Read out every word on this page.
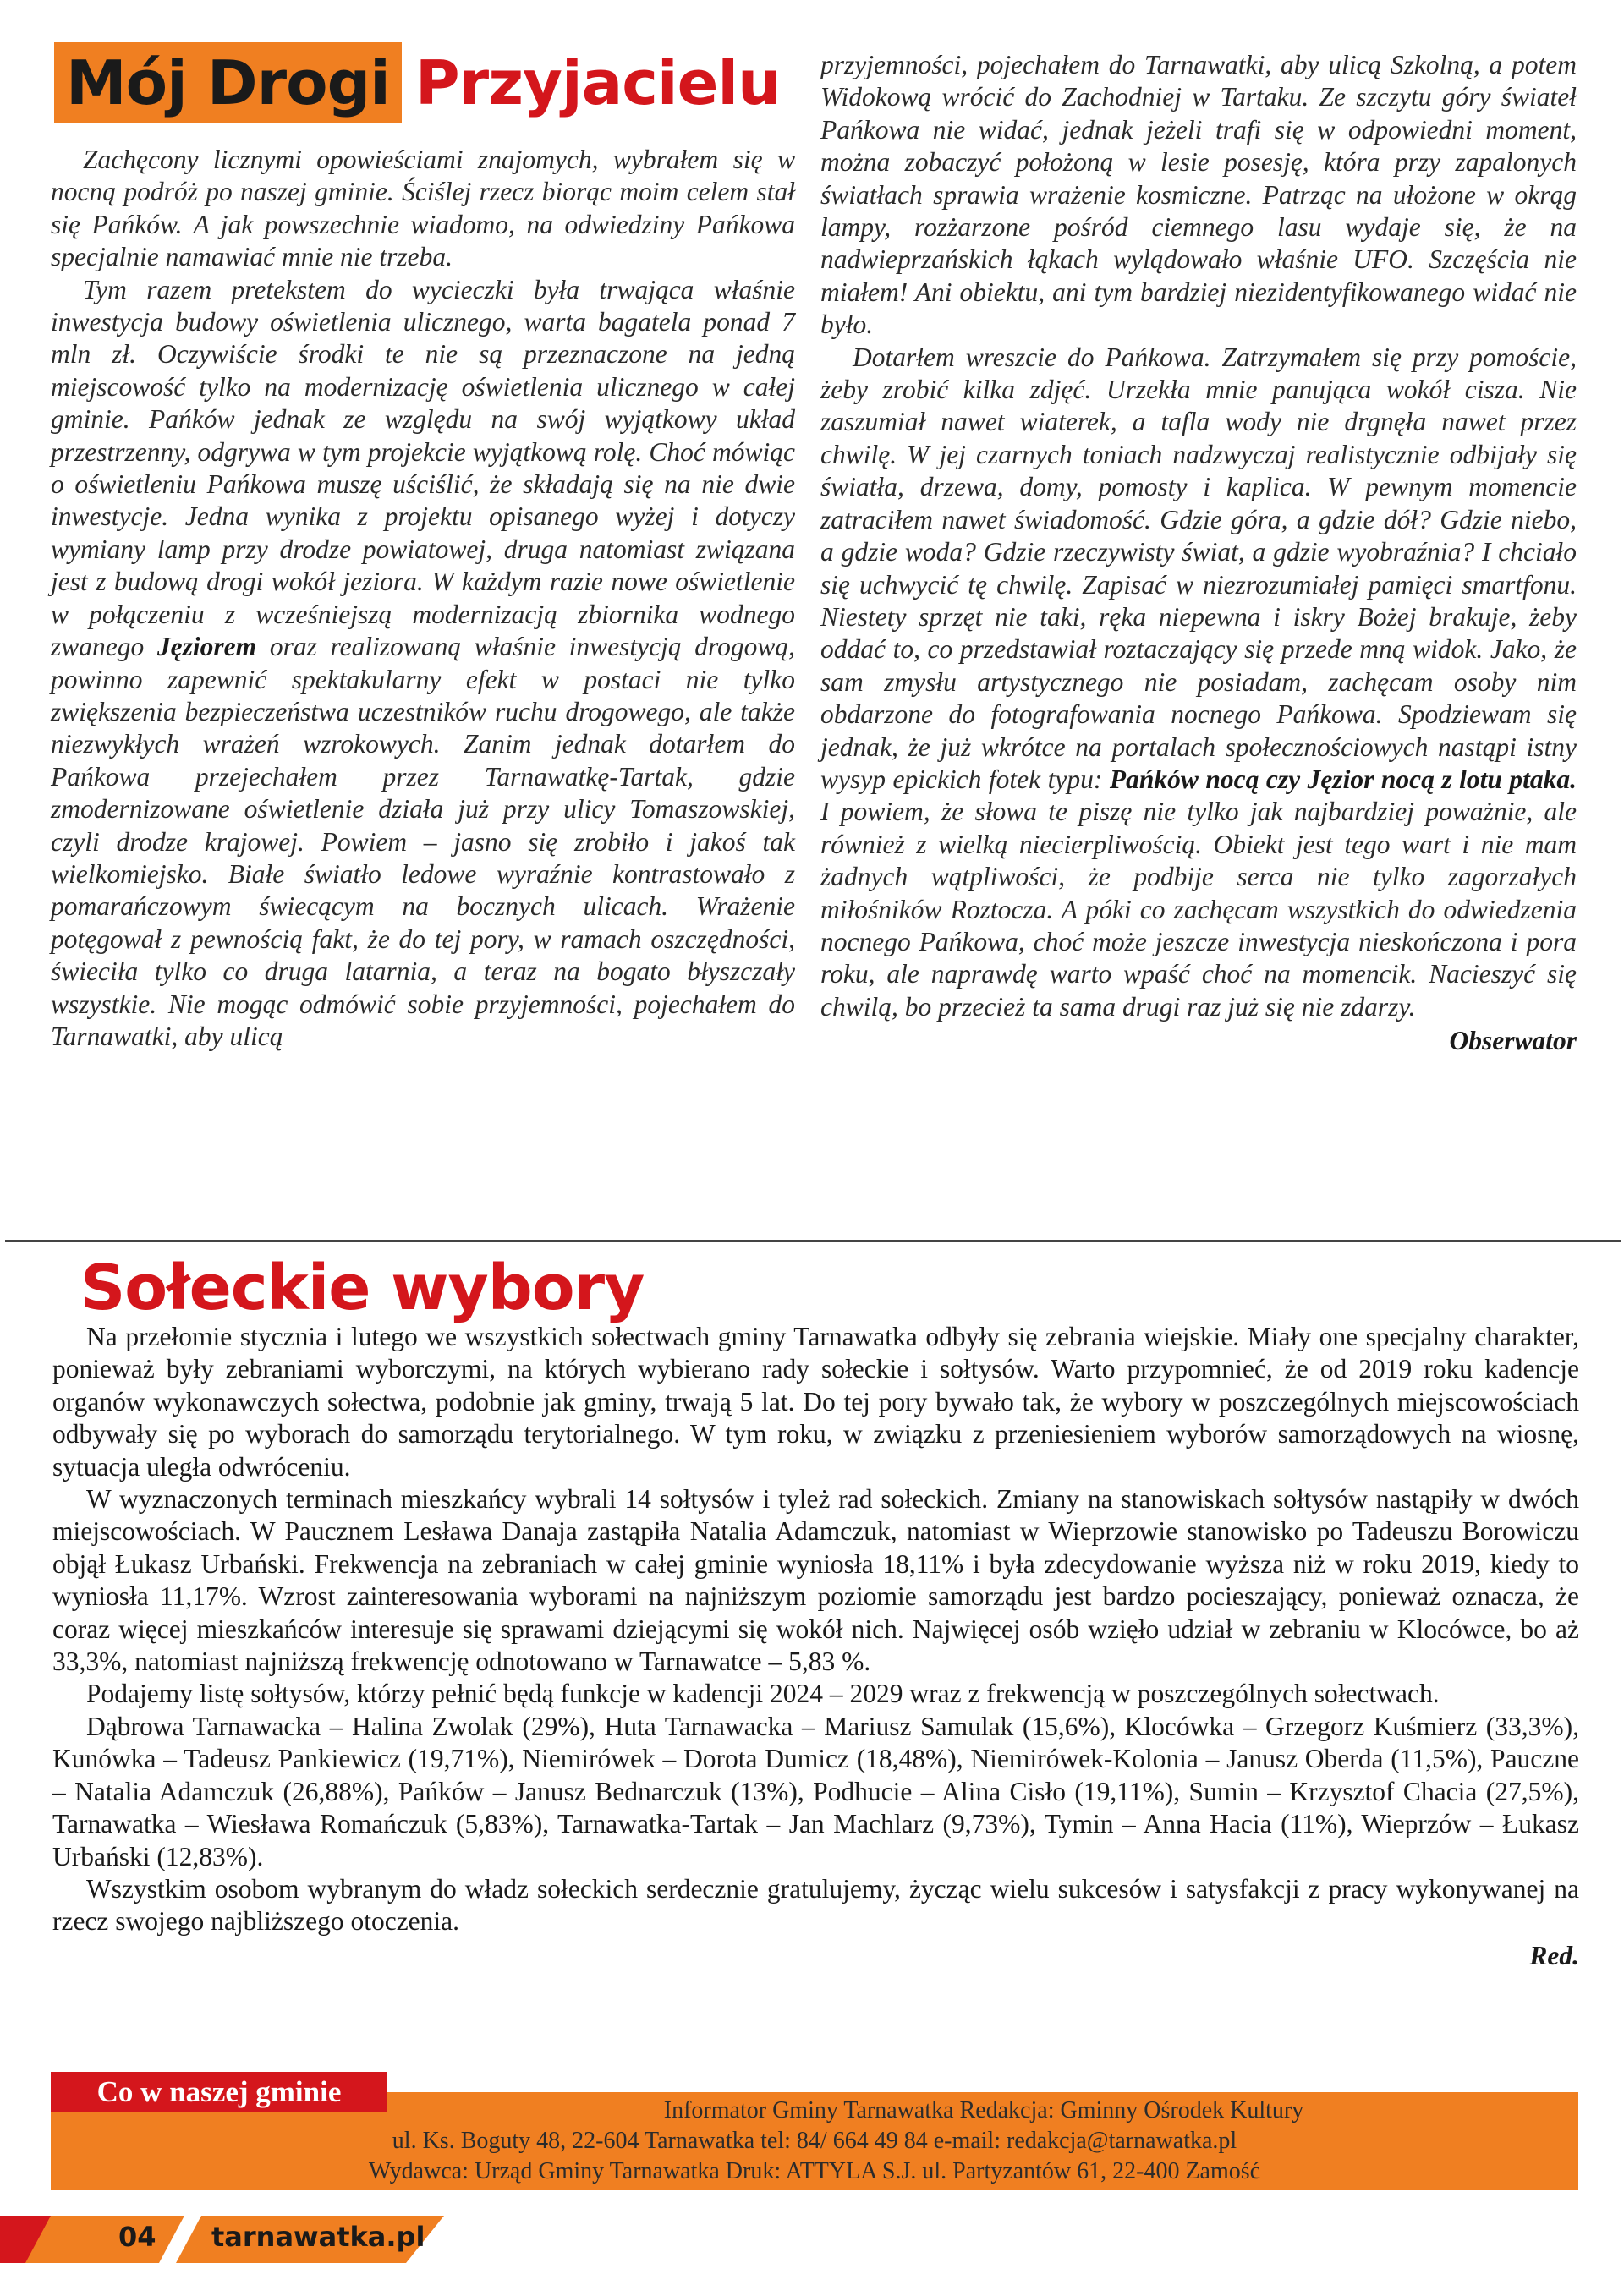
Mój Drogi Przyjacielu

Zachęcony licznymi opowieściami znajomych, wybrałem się w nocną podróż po naszej gminie. Ściślej rzecz biorąc moim celem stał się Pańków. A jak powszechnie wiadomo, na odwiedziny Pańkowa specjalnie namawiać mnie nie trzeba.

Tym razem pretekstem do wycieczki była trwająca właśnie inwestycja budowy oświetlenia ulicznego, warta bagatela ponad 7 mln zł. Oczywiście środki te nie są przeznaczone na jedną miejscowość tylko na modernizację oświetlenia ulicznego w całej gminie. Pańków jednak ze względu na swój wyjątkowy układ przestrzenny, odgrywa w tym projekcie wyjątkową rolę. Choć mówiąc o oświetleniu Pańkowa muszę uściślić, że składają się na nie dwie inwestycje. Jedna wynika z projektu opisanego wyżej i dotyczy wymiany lamp przy drodze powiatowej, druga natomiast związana jest z budową drogi wokół jeziora. W każdym razie nowe oświetlenie w połączeniu z wcześniejszą modernizacją zbiornika wodnego zwanego Jęziorem oraz realizowaną właśnie inwestycją drogową, powinno zapewnić spektakularny efekt w postaci nie tylko zwiększenia bezpieczeństwa uczestników ruchu drogowego, ale także niezwykłych wrażeń wzrokowych. Zanim jednak dotarłem do Pańkowa przejechałem przez Tarnawatkę-Tartak, gdzie zmodernizowane oświetlenie działa już przy ulicy Tomaszowskiej, czyli drodze krajowej. Powiem – jasno się zrobiło i jakoś tak wielkomiejsko. Białe światło ledowe wyraźnie kontrastowało z pomarańczowym świecącym na bocznych ulicach. Wrażenie potęgował z pewnością fakt, że do tej pory, w ramach oszczędności, świeciła tylko co druga latarnia, a teraz na bogato błyszczały wszystkie. Nie mogąc odmówić sobie przyjemności, pojechałem do Tarnawatki, aby ulicą

przyjemności, pojechałem do Tarnawatki, aby ulicą Szkolną, a potem Widokową wrócić do Zachodniej w Tartaku. Ze szczytu góry świateł Pańkowa nie widać, jednak jeżeli trafi się w odpowiedni moment, można zobaczyć położoną w lesie posesję, która przy zapalonych światłach sprawia wrażenie kosmiczne. Patrząc na ułożone w okrąg lampy, rozżarzone pośród ciemnego lasu wydaje się, że na nadwieprzańskich łąkach wylądowało właśnie UFO. Szczęścia nie miałem! Ani obiektu, ani tym bardziej niezidentyfikowanego widać nie było.

Dotarłem wreszcie do Pańkowa. Zatrzymałem się przy pomoście, żeby zrobić kilka zdjęć. Urzekła mnie panująca wokół cisza. Nie zaszumiał nawet wiaterek, a tafla wody nie drgnęła nawet przez chwilę. W jej czarnych toniach nadzwyczaj realistycznie odbijały się światła, drzewa, domy, pomosty i kaplica. W pewnym momencie zatraciłem nawet świadomość. Gdzie góra, a gdzie dół? Gdzie niebo, a gdzie woda? Gdzie rzeczywisty świat, a gdzie wyobraźnia? I chciało się uchwycić tę chwilę. Zapisać w niezrozumiałej pamięci smartfonu. Niestety sprzęt nie taki, ręka niepewna i iskry Bożej brakuje, żeby oddać to, co przedstawiał roztaczający się przede mną widok. Jako, że sam zmysłu artystycznego nie posiadam, zachęcam osoby nim obdarzone do fotografowania nocnego Pańkowa. Spodziewam się jednak, że już wkrótce na portalach społecznościowych nastąpi istny wysyp epickich fotek typu: Pańków nocą czy Jęzior nocą z lotu ptaka. I powiem, że słowa te piszę nie tylko jak najbardziej poważnie, ale również z wielką niecierpliwością. Obiekt jest tego wart i nie mam żadnych wątpliwości, że podbije serca nie tylko zagorzałych miłośników Roztocza. A póki co zachęcam wszystkich do odwiedzenia nocnego Pańkowa, choć może jeszcze inwestycja nieskończona i pora roku, ale naprawdę warto wpaść choć na momencik. Nacieszyć się chwilą, bo przecież ta sama drugi raz już się nie zdarzy.

Obserwator
Sołeckie wybory

Na przełomie stycznia i lutego we wszystkich sołectwach gminy Tarnawatka odbyły się zebrania wiejskie. Miały one specjalny charakter, ponieważ były zebraniami wyborczymi, na których wybierano rady sołeckie i sołtysów. Warto przypomnieć, że od 2019 roku kadencje organów wykonawczych sołectwa, podobnie jak gminy, trwają 5 lat. Do tej pory bywało tak, że wybory w poszczególnych miejscowościach odbywały się po wyborach do samorządu terytorialnego. W tym roku, w związku z przeniesieniem wyborów samorządowych na wiosnę, sytuacja uległa odwróceniu.

W wyznaczonych terminach mieszkańcy wybrali 14 sołtysów i tyleż rad sołeckich. Zmiany na stanowiskach sołtysów nastąpiły w dwóch miejscowościach. W Paucznem Lesława Danaja zastąpiła Natalia Adamczuk, natomiast w Wieprzowie stanowisko po Tadeuszu Borowiczu objął Łukasz Urbański. Frekwencja na zebraniach w całej gminie wyniosła 18,11% i była zdecydowanie wyższa niż w roku 2019, kiedy to wyniosła 11,17%. Wzrost zainteresowania wyborami na najniższym poziomie samorządu jest bardzo pocieszający, ponieważ oznacza, że coraz więcej mieszkańców interesuje się sprawami dziejącymi się wokół nich. Najwięcej osób wzięło udział w zebraniu w Klocówce, bo aż 33,3%, natomiast najniższą frekwencję odnotowano w Tarnawatce – 5,83 %.

Podajemy listę sołtysów, którzy pełnić będą funkcje w kadencji 2024 – 2029 wraz z frekwencją w poszczególnych sołectwach.

Dąbrowa Tarnawacka – Halina Zwolak (29%), Huta Tarnawacka – Mariusz Samulak (15,6%), Klocówka – Grzegorz Kuśmierz (33,3%), Kunówka – Tadeusz Pankiewicz (19,71%), Niemirówek – Dorota Dumicz (18,48%), Niemirówek-Kolonia – Janusz Oberda (11,5%), Pauczne – Natalia Adamczuk (26,88%), Pańków – Janusz Bednarczuk (13%), Podhucie – Alina Cisło (19,11%), Sumin – Krzysztof Chacia (27,5%), Tarnawatka – Wiesława Romańczuk (5,83%), Tarnawatka-Tartak – Jan Machlarz (9,73%), Tymin – Anna Hacia (11%), Wieprzów – Łukasz Urbański (12,83%).

Wszystkim osobom wybranym do władz sołeckich serdecznie gratulujemy, życząc wielu sukcesów i satysfakcji z pracy wykonywanej na rzecz swojego najbliższego otoczenia.

Red.
Informator Gminy Tarnawatka Redakcja: Gminny Ośrodek Kultury
ul. Ks. Boguty 48, 22-604 Tarnawatka tel: 84/ 664 49 84 e-mail: redakcja@tarnawatka.pl
Wydawca: Urząd Gminy Tarnawatka Druk: ATTYLA S.J. ul. Partyzantów 61, 22-400 Zamość
Co w naszej gminie
04 tarnawatka.pl
